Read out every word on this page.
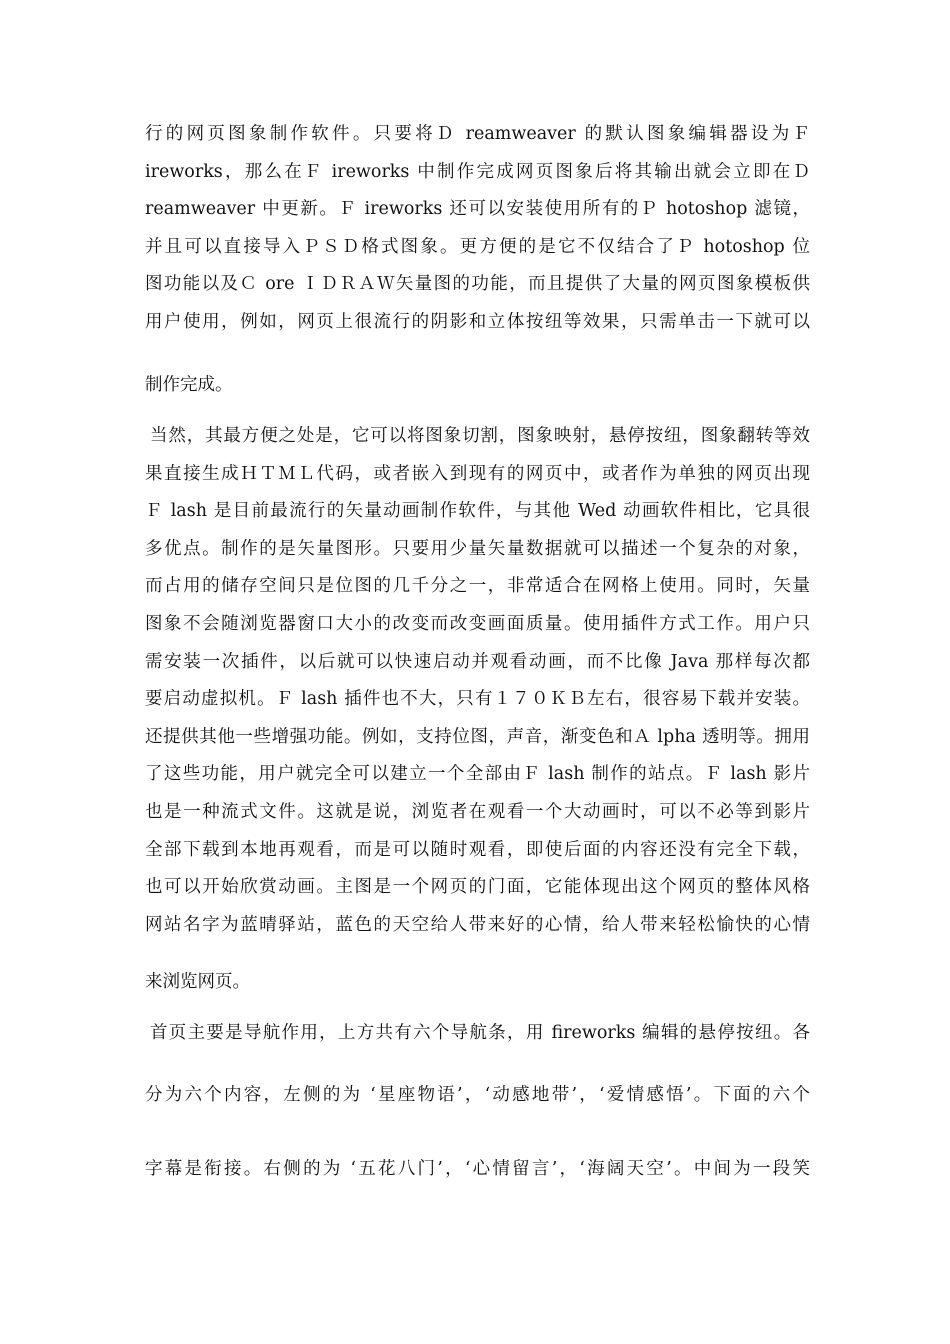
行的网页图象制作软件。只要将Ｄ reamweaver 的默认图象编辑器设为Ｆ
ireworks，那么在Ｆ ireworks 中制作完成网页图象后将其输出就会立即在Ｄ
reamweaver 中更新。Ｆ ireworks 还可以安装使用所有的Ｐ hotoshop 滤镜，
并且可以直接导入ＰＳＤ格式图象。更方便的是它不仅结合了Ｐ hotoshop 位
图功能以及Ｃ ore ＩＤＲＡＷ矢量图的功能，而且提供了大量的网页图象模板供
用户使用，例如，网页上很流行的阴影和立体按纽等效果，只需单击一下就可以
制作完成。
当然，其最方便之处是，它可以将图象切割，图象映射，悬停按纽，图象翻转等效
果直接生成ＨＴＭＬ代码，或者嵌入到现有的网页中，或者作为单独的网页出现
Ｆ lash 是目前最流行的矢量动画制作软件，与其他 Wed 动画软件相比，它具很
多优点。制作的是矢量图形。只要用少量矢量数据就可以描述一个复杂的对象，
而占用的储存空间只是位图的几千分之一，非常适合在网格上使用。同时，矢量
图象不会随浏览器窗口大小的改变而改变画面质量。使用插件方式工作。用户只
需安装一次插件，以后就可以快速启动并观看动画，而不比像 Java 那样每次都
要启动虚拟机。Ｆ lash 插件也不大，只有１７０ＫＢ左右，很容易下载并安装。
还提供其他一些增强功能。例如，支持位图，声音，渐变色和Ａ lpha 透明等。拥用
了这些功能，用户就完全可以建立一个全部由Ｆ lash 制作的站点。Ｆ lash 影片
也是一种流式文件。这就是说，浏览者在观看一个大动画时，可以不必等到影片
全部下载到本地再观看，而是可以随时观看，即使后面的内容还没有完全下载，
也可以开始欣赏动画。主图是一个网页的门面，它能体现出这个网页的整体风格
网站名字为蓝晴驿站，蓝色的天空给人带来好的心情，给人带来轻松愉快的心情
来浏览网页。
首页主要是导航作用，上方共有六个导航条，用 fireworks 编辑的悬停按纽。各
分为六个内容，左侧的为 ‘星座物语’，‘动感地带’，‘爱情感悟’。下面的六个
字幕是衔接。右侧的为 ‘五花八门’，‘心情留言’，‘海阔天空’。中间为一段笑
